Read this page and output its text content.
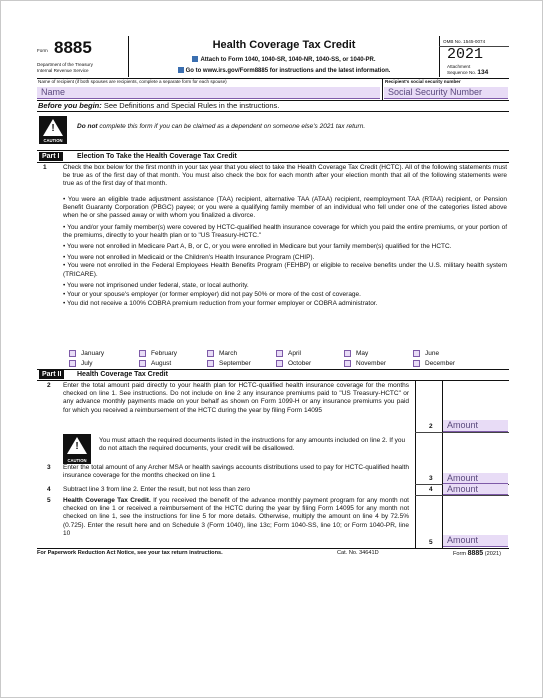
Form 8885
Department of the Treasury
Internal Revenue Service
Health Coverage Tax Credit
Attach to Form 1040, 1040-SR, 1040-NR, 1040-SS, or 1040-PR.
Go to www.irs.gov/Form8885 for instructions and the latest information.
OMB No. 1545-0074
2021
Attachment
Sequence No. 134
Name of recipient (if both spouses are recipients, complete a separate form for each spouse)	Recipient's social security number
Name	Social Security Number
Before you begin: See Definitions and Special Rules in the instructions.
!
CAUTION
Do not complete this form if you can be claimed as a dependent on someone else's 2021 tax return.
Part I	Election To Take the Health Coverage Tax Credit
1	Check the box below for the first month in your tax year that you elect to take the Health Coverage Tax Credit (HCTC). All of the following statements must be true as of the first day of that month. You must also check the box for each month after your election month that all of the following statements were true as of the first day of that month.
• You were an eligible trade adjustment assistance (TAA) recipient, alternative TAA (ATAA) recipient, reemployment TAA (RTAA) recipient, or Pension Benefit Guaranty Corporation (PBGC) payee; or you were a qualifying family member of an individual who fell under one of the categories listed above when he or she passed away or with whom you finalized a divorce.
• You and/or your family member(s) were covered by HCTC-qualified health insurance coverage for which you paid the entire premiums, or your portion of the premiums, directly to your health plan or to "US Treasury-HCTC."
• You were not enrolled in Medicare Part A, B, or C, or you were enrolled in Medicare but your family member(s) qualified for the HCTC.
• You were not enrolled in Medicaid or the Children's Health Insurance Program (CHIP).
• You were not enrolled in the Federal Employees Health Benefits Program (FEHBP) or eligible to receive benefits under the U.S. military health system (TRICARE).
• You were not imprisoned under federal, state, or local authority.
• Your or your spouse's employer (or former employer) did not pay 50% or more of the cost of coverage.
• You did not receive a 100% COBRA premium reduction from your former employer or COBRA administrator.
January	February	March	April	May	June
July	August	September	October	November	December
Part II	Health Coverage Tax Credit
2 Enter the total amount paid directly to your health plan for HCTC-qualified health insurance coverage for the months checked on line 1. See instructions. Do not include on line 2 any insurance premiums paid to "US Treasury-HCTC" or any advance monthly payments made on your behalf as shown on Form 1099-H or any insurance premiums you paid for which you received a reimbursement of the HCTC during the year by filing Form 14095
2	Amount
!
CAUTION
You must attach the required documents listed in the instructions for any amounts included on line 2. If you do not attach the required documents, your credit will be disallowed.
3 Enter the total amount of any Archer MSA or health savings accounts distributions used to pay for HCTC-qualified health insurance coverage for the months checked on line 1	3	Amount
4 Subtract line 3 from line 2. Enter the result, but not less than zero	4	Amount
5 Health Coverage Tax Credit. If you received the benefit of the advance monthly payment program for any month not checked on line 1 or received a reimbursement of the HCTC during the year by filing Form 14095 for any month not checked on line 1, see the instructions for line 5 for more details. Otherwise, multiply the amount on line 4 by 72.5% (0.725). Enter the result here and on Schedule 3 (Form 1040), line 13c; Form 1040-SS, line 10; or Form 1040-PR, line 10
5	Amount
For Paperwork Reduction Act Notice, see your tax return instructions.	Cat. No. 34641D	Form 8885 (2021)
